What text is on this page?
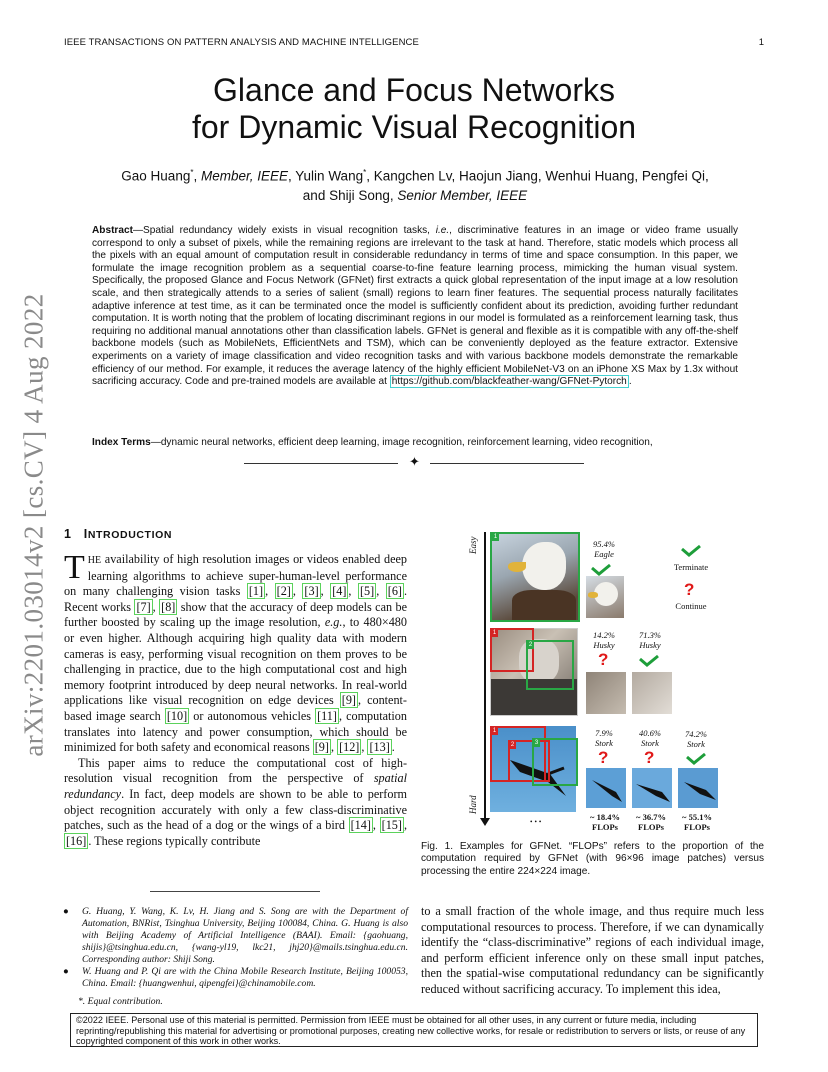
IEEE TRANSACTIONS ON PATTERN ANALYSIS AND MACHINE INTELLIGENCE	1
Glance and Focus Networks
for Dynamic Visual Recognition
Gao Huang*, Member, IEEE, Yulin Wang*, Kangchen Lv, Haojun Jiang, Wenhui Huang, Pengfei Qi,
and Shiji Song, Senior Member, IEEE
Abstract—Spatial redundancy widely exists in visual recognition tasks, i.e., discriminative features in an image or video frame usually correspond to only a subset of pixels, while the remaining regions are irrelevant to the task at hand. Therefore, static models which process all the pixels with an equal amount of computation result in considerable redundancy in terms of time and space consumption. In this paper, we formulate the image recognition problem as a sequential coarse-to-fine feature learning process, mimicking the human visual system. Specifically, the proposed Glance and Focus Network (GFNet) first extracts a quick global representation of the input image at a low resolution scale, and then strategically attends to a series of salient (small) regions to learn finer features. The sequential process naturally facilitates adaptive inference at test time, as it can be terminated once the model is sufficiently confident about its prediction, avoiding further redundant computation. It is worth noting that the problem of locating discriminant regions in our model is formulated as a reinforcement learning task, thus requiring no additional manual annotations other than classification labels. GFNet is general and flexible as it is compatible with any off-the-shelf backbone models (such as MobileNets, EfficientNets and TSM), which can be conveniently deployed as the feature extractor. Extensive experiments on a variety of image classification and video recognition tasks and with various backbone models demonstrate the remarkable efficiency of our method. For example, it reduces the average latency of the highly efficient MobileNet-V3 on an iPhone XS Max by 1.3x without sacrificing accuracy. Code and pre-trained models are available at https://github.com/blackfeather-wang/GFNet-Pytorch .
Index Terms—dynamic neural networks, efficient deep learning, image recognition, reinforcement learning, video recognition,
✦
arXiv:2201.03014v2 [cs.CV] 4 Aug 2022 1 INTRODUCTION

THE availability of high resolution images or videos enabled deep learning algorithms to achieve super-human-level performance on many challenging vision tasks [1] , [2] , [3] , [4] , [5] , [6] . Recent works [7] , [8] show that the accuracy of deep models can be further boosted by scaling up the image resolution, e.g., to 480×480 or even higher. Although acquiring high quality data with modern cameras is easy, performing visual recognition on them proves to be challenging in practice, due to the high computational cost and high memory footprint introduced by deep neural networks. In real-world applications like visual recognition on edge devices [9] , content-based image search [10] or autonomous vehicles [11] , computation translates into latency and power consumption, which should be minimized for both safety and economical reasons [9] , [12] , [13] .

This paper aims to reduce the computational cost of high-resolution visual recognition from the perspective of spatial redundancy. In fact, deep models are shown to be able to perform object recognition accurately with only a few class-discriminative patches, such as the head of a dog or the wings of a bird [14] , [15] , [16] . These regions typically contribute

●	G. Huang, Y. Wang, K. Lv, H. Jiang and S. Song are with the Department of Automation, BNRist, Tsinghua University, Beijing 100084, China. G. Huang is also with Beijing Academy of Artificial Intelligence (BAAI). Email: {gaohuang, shijis}@tsinghua.edu.cn, {wang-yl19, lkc21, jhj20}@mails.tsinghua.edu.cn. Corresponding author: Shiji Song.
●	W. Huang and P. Qi are with the China Mobile Research Institute, Beijing 100053, China. Email: {huangwenhui, qipengfei}@chinamobile.com.
*. Equal contribution.
Easy
Hard
1
95.4%
Eagle
Terminate
?
Continue
1
2
14.2%
Husky
?
71.3%
Husky
1
2	3
7.9%
Stork
?
40.6%
Stork
?
74.2%
Stork
•••	~ 18.4%
FLOPs
~ 36.7%
FLOPs
~ 55.1%
FLOPs
Fig. 1. Examples for GFNet. “FLOPs” refers to the proportion of the computation required by GFNet (with 96×96 image patches) versus processing the entire 224×224 image.
to a small fraction of the whole image, and thus require much less computational resources to process. Therefore, if we can dynamically identify the “class-discriminative” regions of each individual image, and perform efficient inference only on these small input patches, then the spatial-wise computational redundancy can be significantly reduced without sacrificing accuracy. To implement this idea,
©2022 IEEE. Personal use of this material is permitted. Permission from IEEE must be obtained for all other uses, in any current or future media, including reprinting/republishing this material for advertising or promotional purposes, creating new collective works, for resale or redistribution to servers or lists, or reuse of any copyrighted component of this work in other works.
